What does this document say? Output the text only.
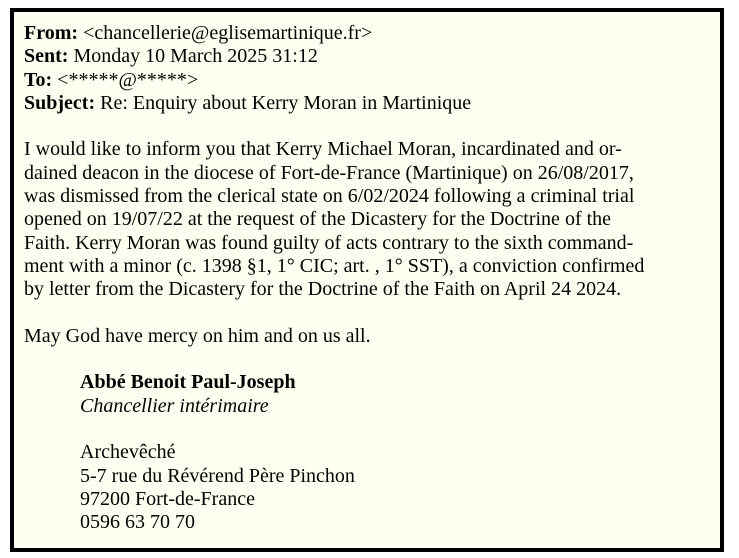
From: <chancellerie@eglisemartinique.fr>
Sent: Monday 10 March 2025 31:12
To: <*****@*****>
Subject: Re: Enquiry about Kerry Moran in Martinique
I would like to inform you that Kerry Michael Moran, incardinated and or-
dained deacon in the diocese of Fort-de-France (Martinique) on 26/08/2017,
was dismissed from the clerical state on 6/02/2024 following a criminal trial
opened on 19/07/22 at the request of the Dicastery for the Doctrine of the
Faith. Kerry Moran was found guilty of acts contrary to the sixth command-
ment with a minor (c. 1398 §1, 1° CIC; art. , 1° SST), a conviction confirmed
by letter from the Dicastery for the Doctrine of the Faith on April 24 2024.
May God have mercy on him and on us all.
Abbé Benoit Paul-Joseph
Chancellier intérimaire
Archevêché
5-7 rue du Révérend Père Pinchon
97200 Fort-de-France
0596 63 70 70
